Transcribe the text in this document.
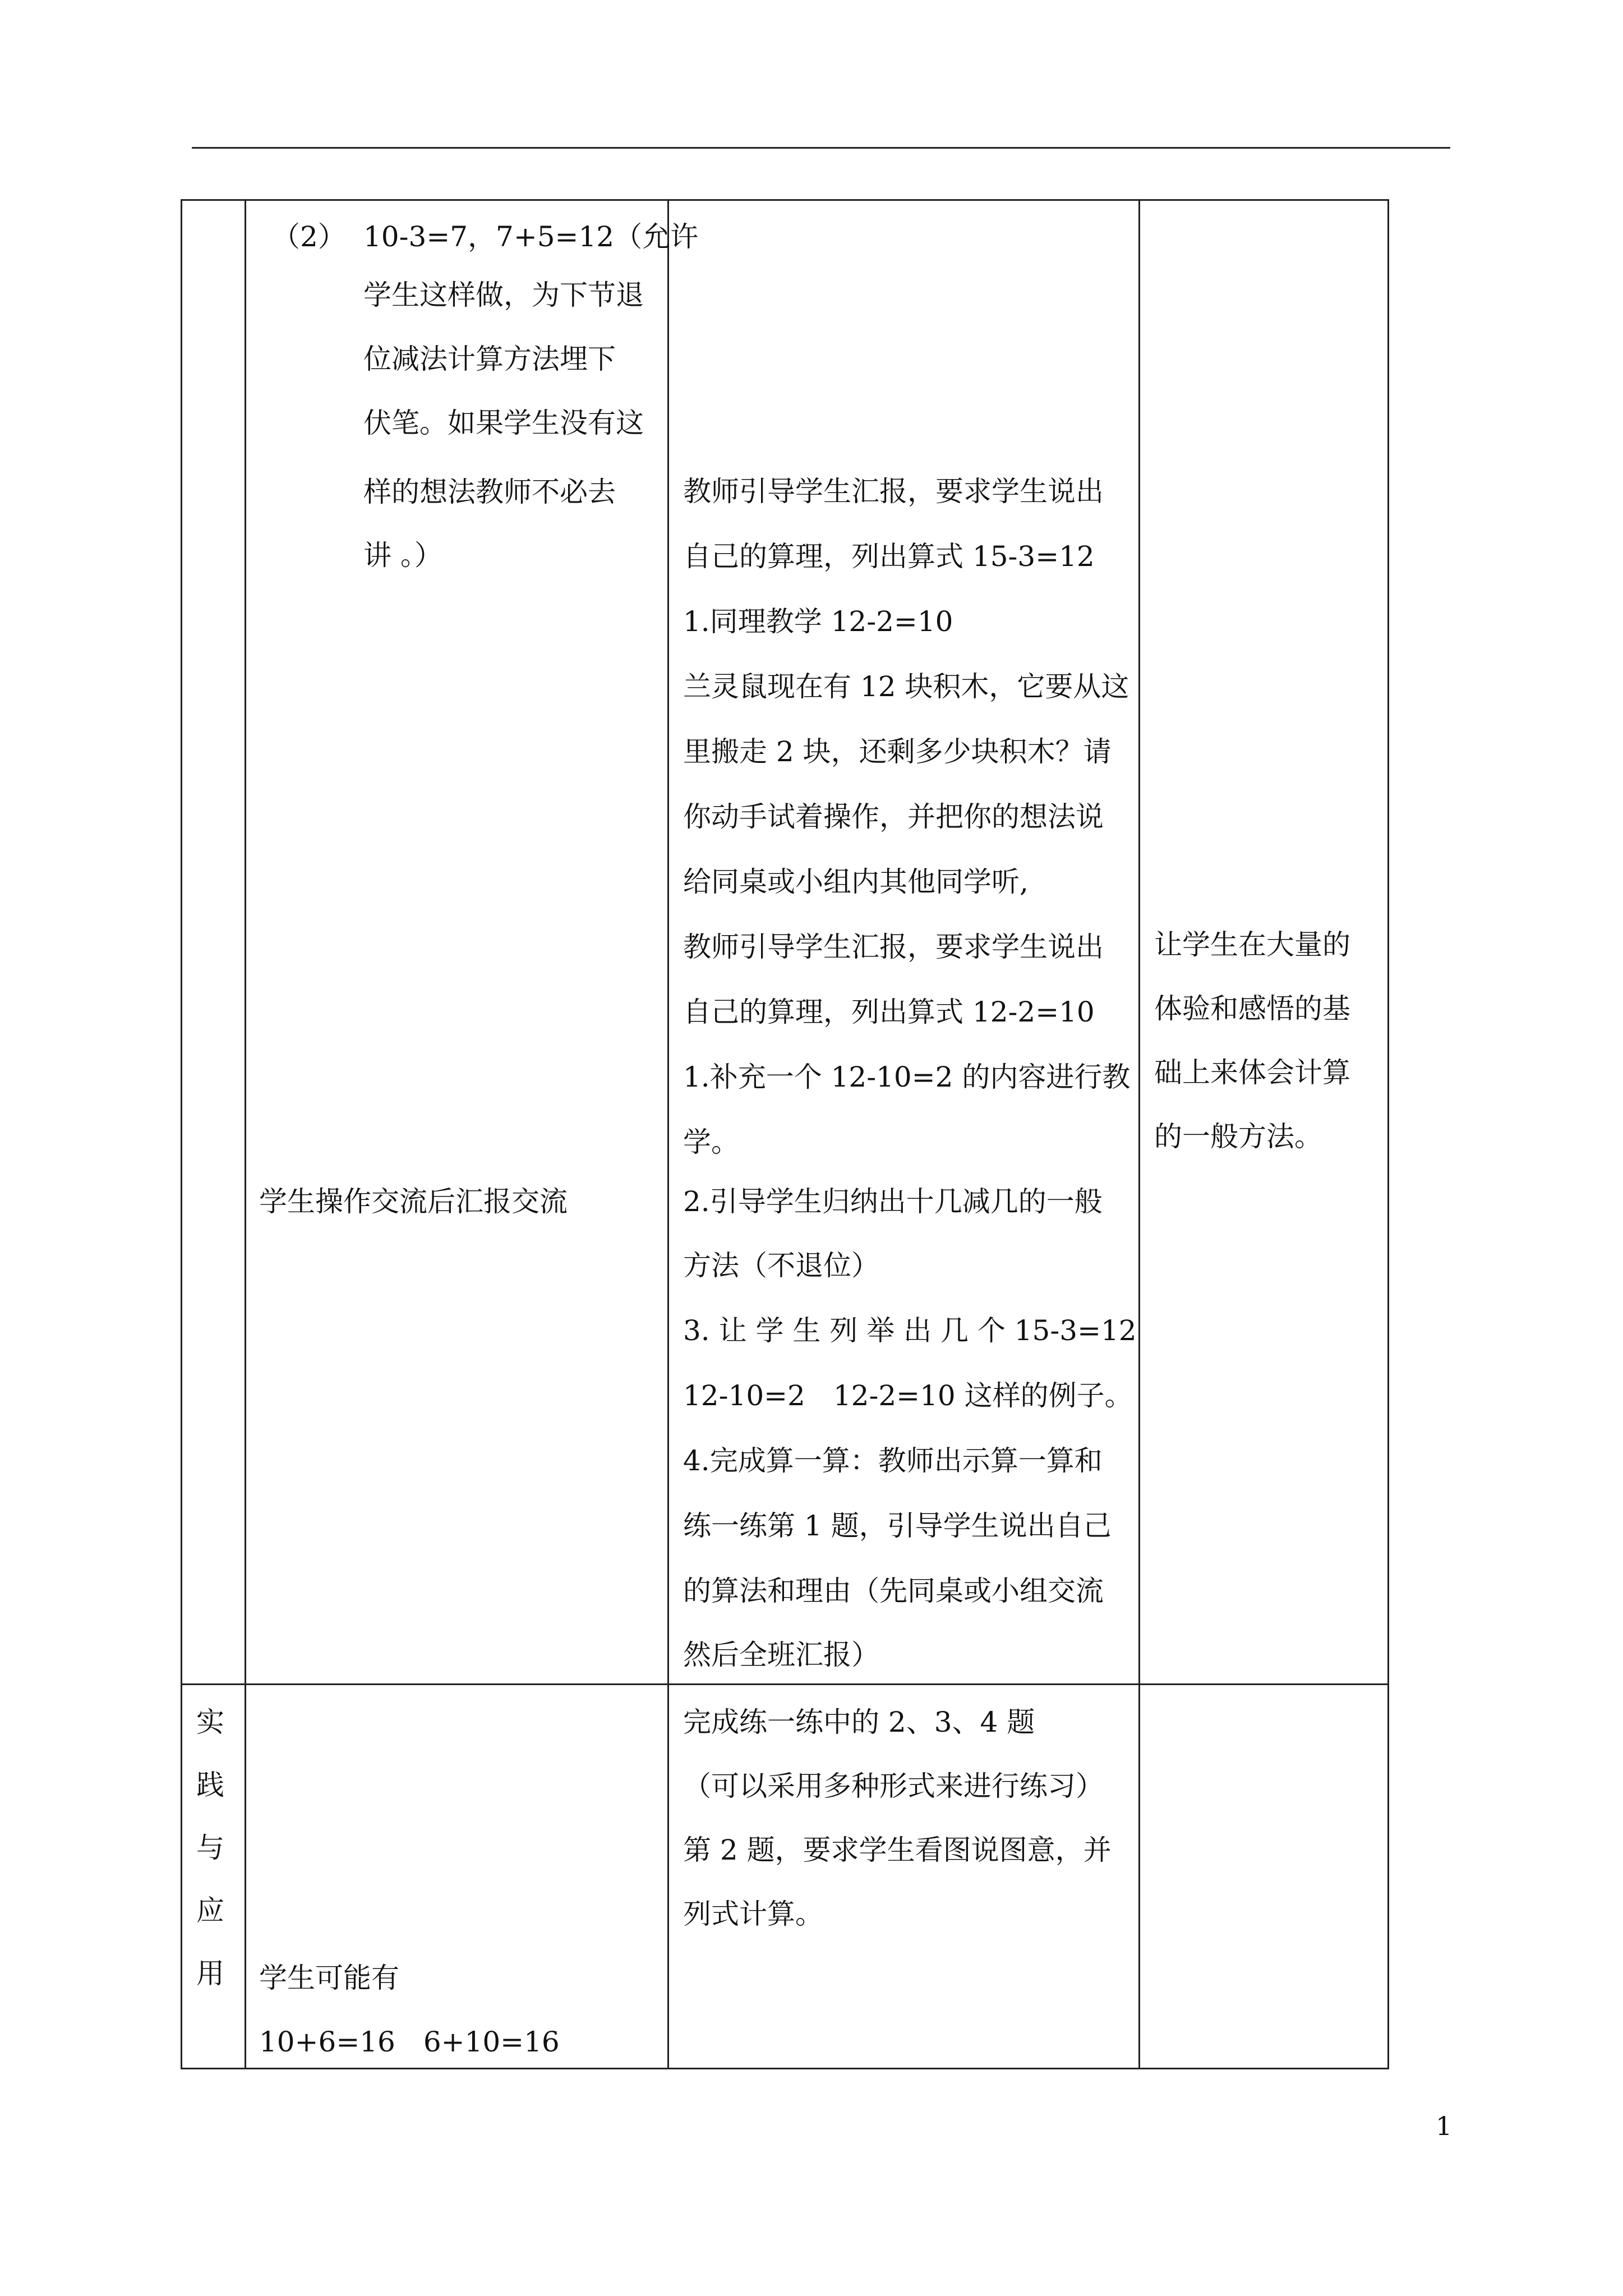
（2） 10-3=7，7+5=12（允许
学生这样做，为下节退
位减法计算方法埋下
伏笔。如果学生没有这
样的想法教师不必去
讲 。）
学生操作交流后汇报交流
教师引导学生汇报，要求学生说出
自己的算理，列出算式 15-3=12
1.同理教学 12-2=10
兰灵鼠现在有 12 块积木，它要从这
里搬走 2 块，还剩多少块积木？请
你动手试着操作，并把你的想法说
给同桌或小组内其他同学听,
教师引导学生汇报，要求学生说出
自己的算理，列出算式 12-2=10
1.补充一个 12-10=2 的内容进行教
学。
2.引导学生归纳出十几减几的一般
方法（不退位）
3. 让 学 生 列 举 出 几 个 15-3=12
12-10=2　12-2=10 这样的例子。
4.完成算一算：教师出示算一算和
练一练第 1 题，引导学生说出自己
的算法和理由（先同桌或小组交流
然后全班汇报）
让学生在大量的
体验和感悟的基
础上来体会计算
的一般方法。
实
践
与
应
用 学生可能有
10+6=16　6+10=16
完成练一练中的 2、3、4 题
（可以采用多种形式来进行练习）
第 2 题，要求学生看图说图意，并
列式计算。
1
